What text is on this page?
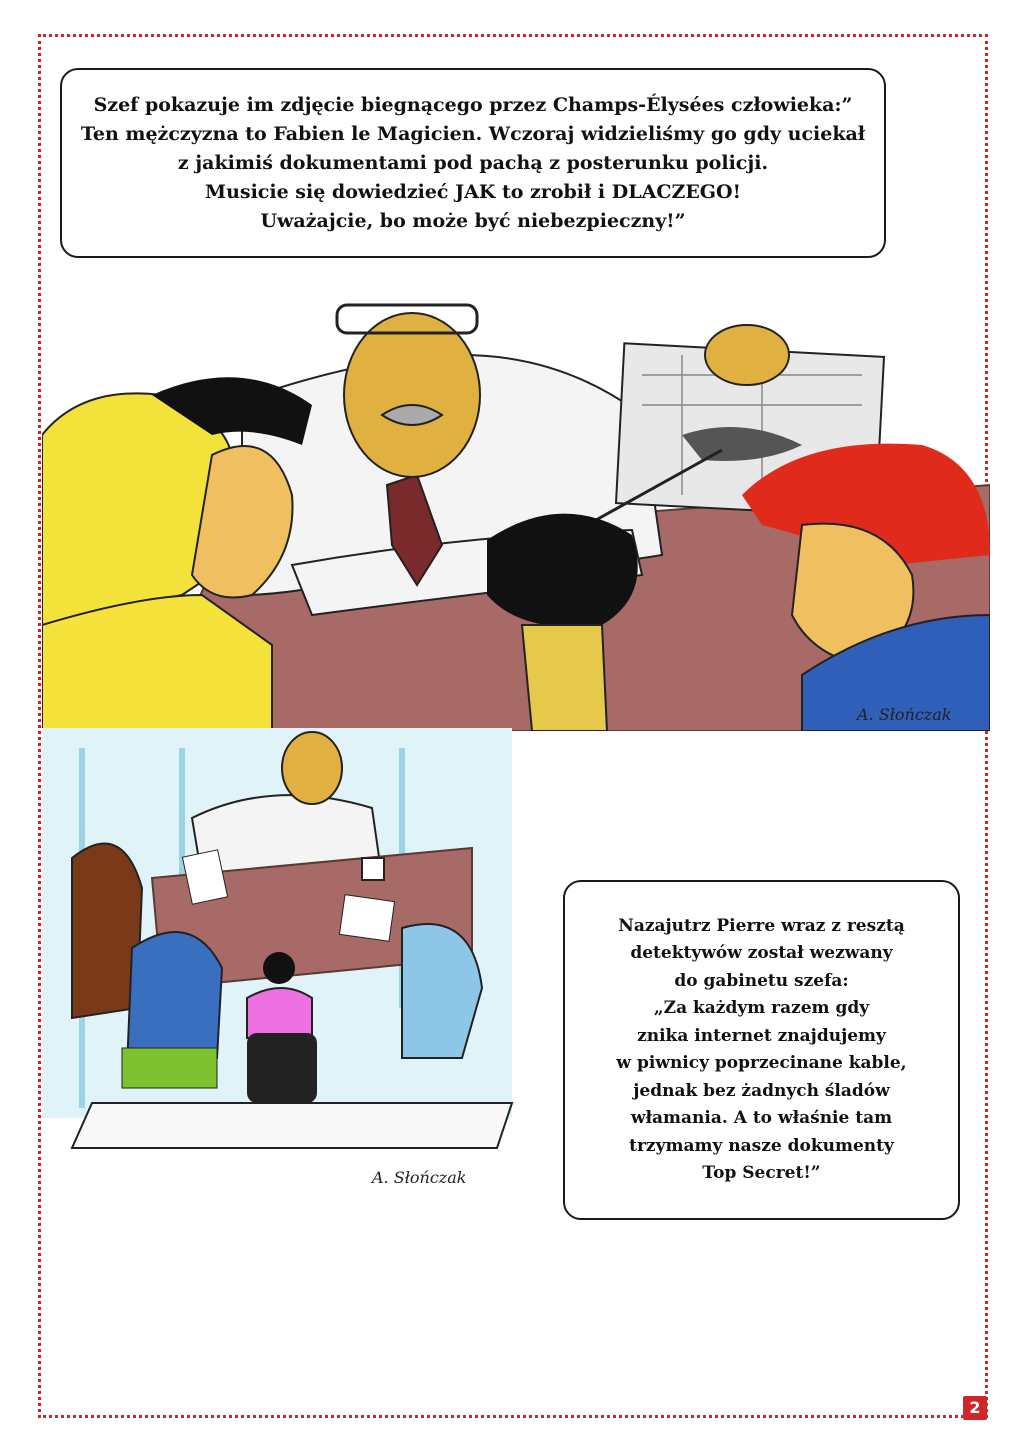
Szef pokazuje im zdjęcie biegnącego przez Champs-Élysées człowieka:”
Ten mężczyzna to Fabien le Magicien. Wczoraj widzieliśmy go gdy uciekał
z jakimiś dokumentami pod pachą z posterunku policji.
Musicie się dowiedzieć JAK to zrobił i DLACZEGO!
Uważajcie, bo może być niebezpieczny!”
A. Słończak
A. Słończak
Nazajutrz Pierre wraz z resztą
detektywów został wezwany
do gabinetu szefa:
„Za każdym razem gdy
znika internet znajdujemy
w piwnicy poprzecinane kable,
jednak bez żadnych śladów
włamania. A to właśnie tam
trzymamy nasze dokumenty
Top Secret!”
2
